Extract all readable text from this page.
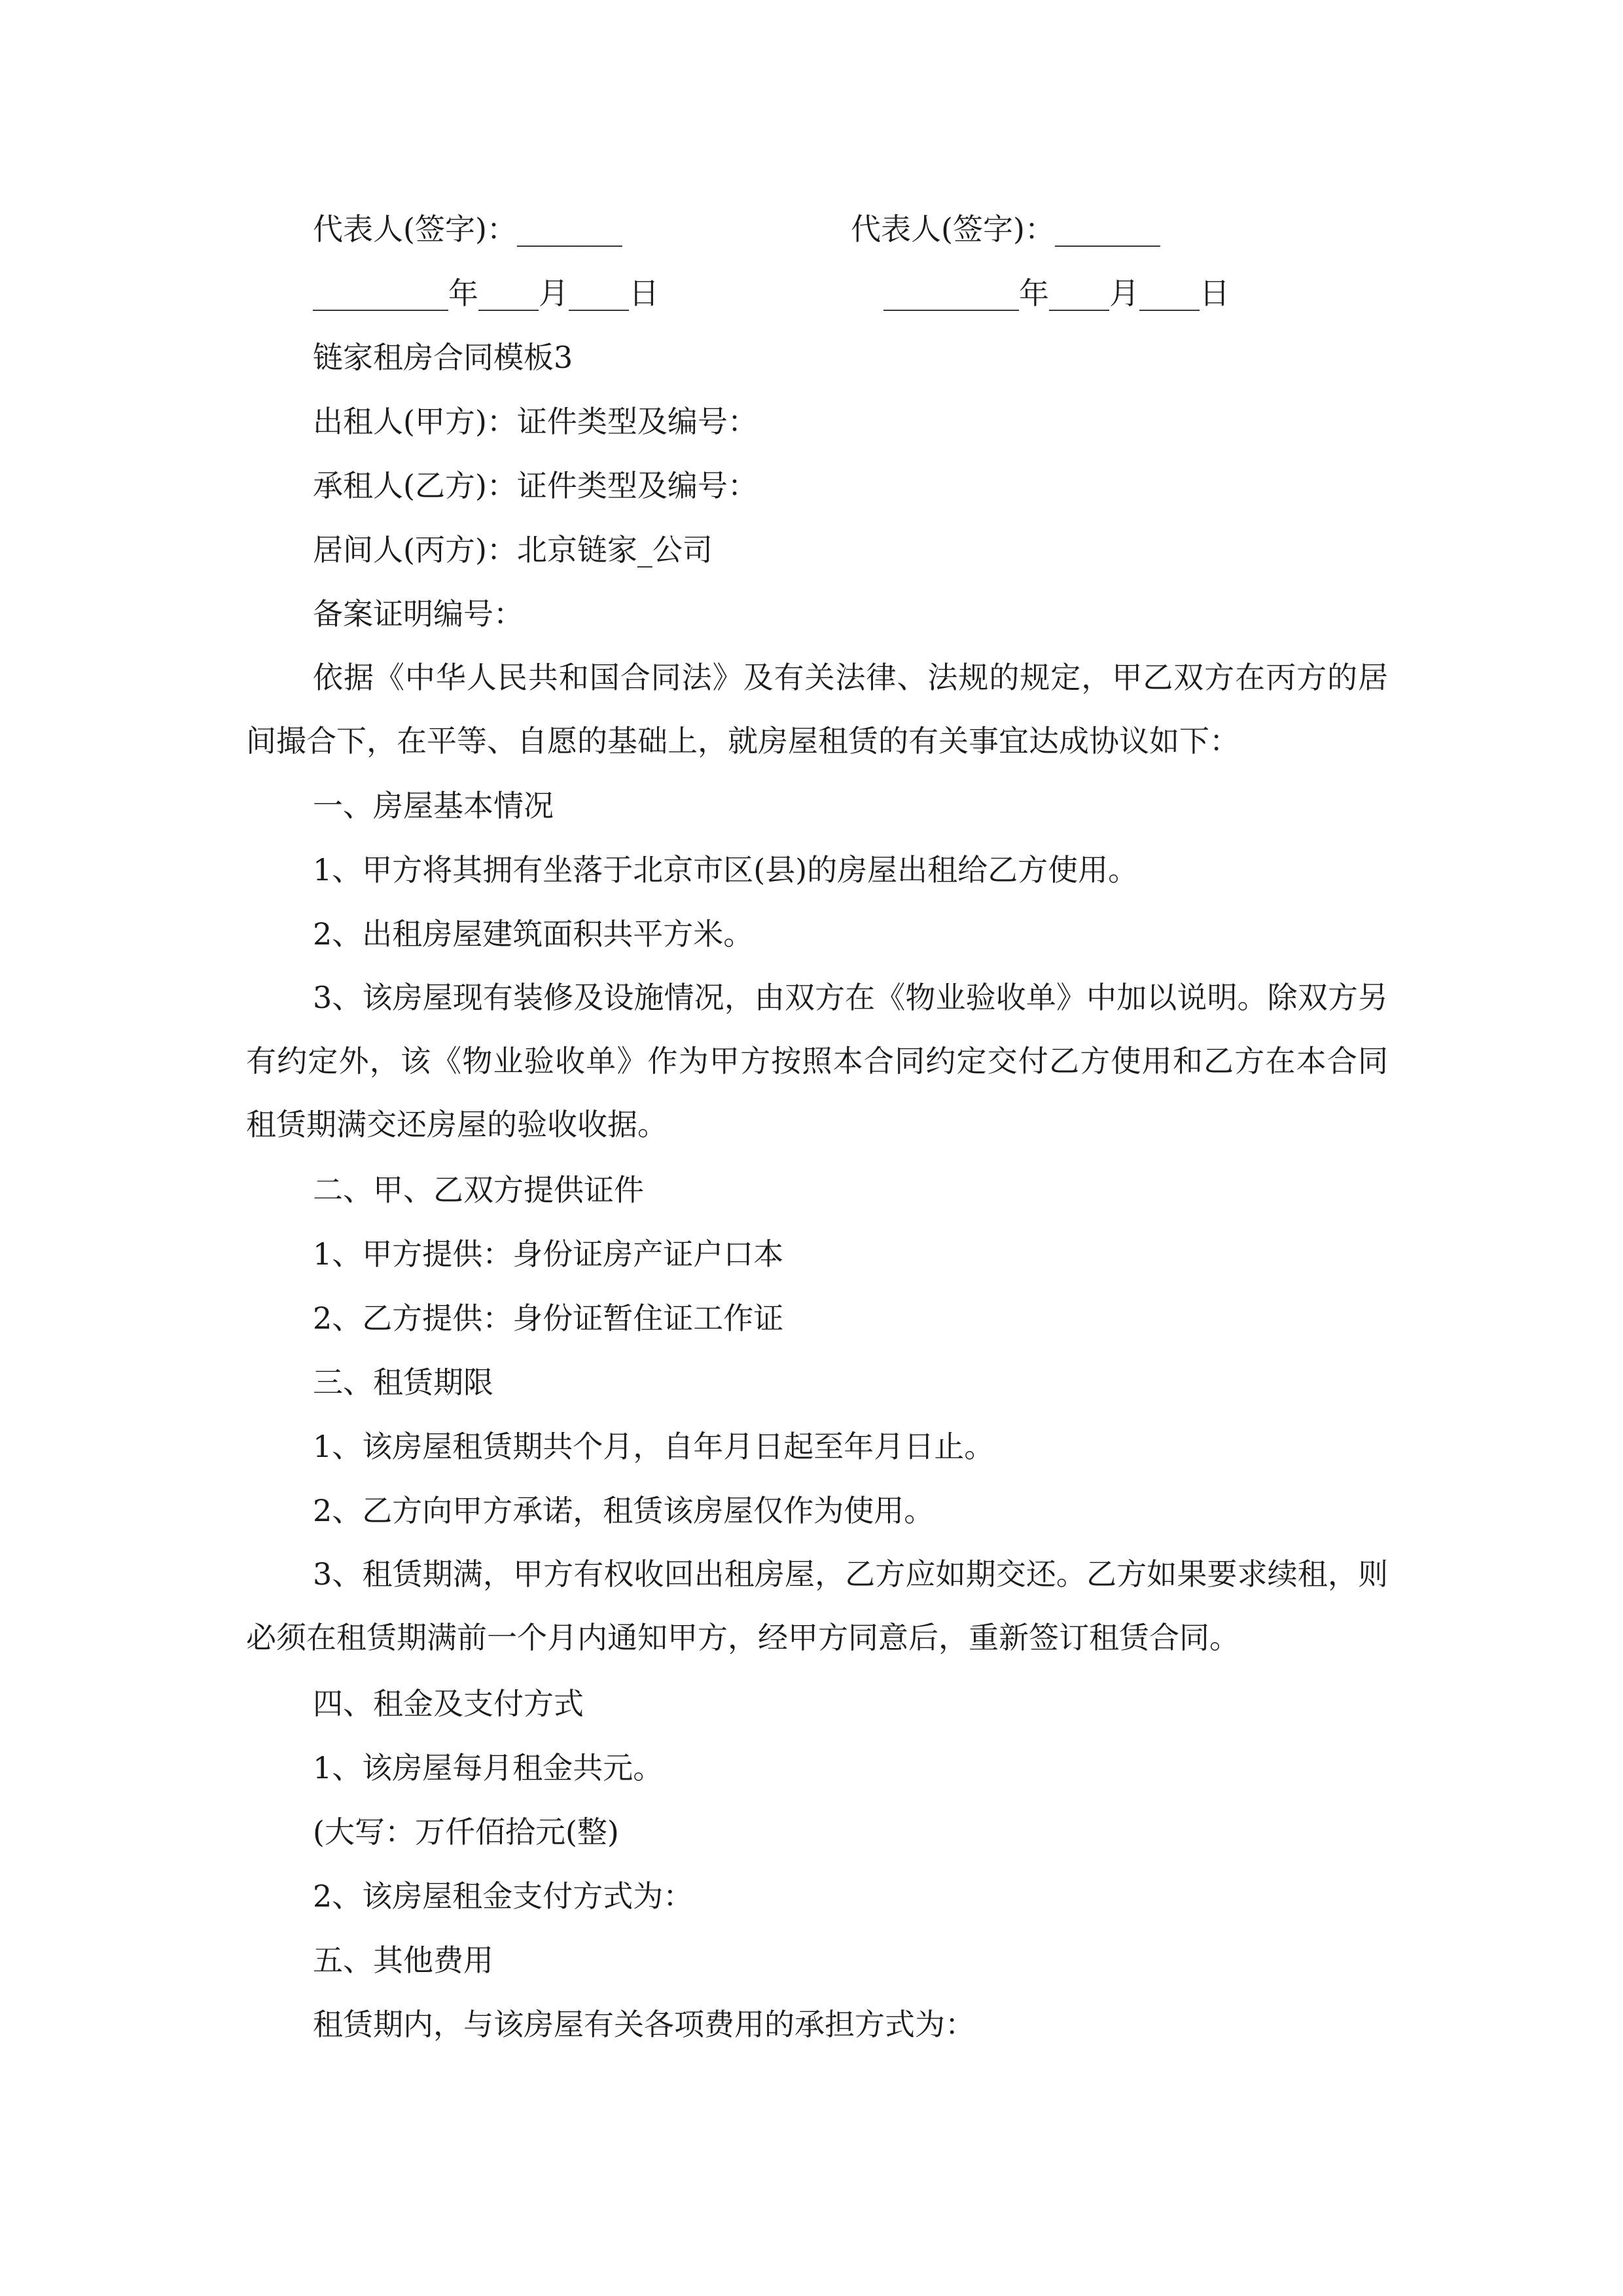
代表人(签字)：_______	代表人(签字)：_______
_________年____月____日	_________年____月____日
链家租房合同模板3
出租人(甲方)：证件类型及编号：
承租人(乙方)：证件类型及编号：
居间人(丙方)：北京链家_公司
备案证明编号：
依据《中华人民共和国合同法》及有关法律、法规的规定，甲乙双方在丙方的居间撮合下，在平等、自愿的基础上，就房屋租赁的有关事宜达成协议如下：
一、房屋基本情况
1、甲方将其拥有坐落于北京市区(县)的房屋出租给乙方使用。
2、出租房屋建筑面积共平方米。
3、该房屋现有装修及设施情况，由双方在《物业验收单》中加以说明。除双方另有约定外，该《物业验收单》作为甲方按照本合同约定交付乙方使用和乙方在本合同租赁期满交还房屋的验收收据。
二、甲、乙双方提供证件
1、甲方提供：身份证房产证户口本
2、乙方提供：身份证暂住证工作证
三、租赁期限
1、该房屋租赁期共个月，自年月日起至年月日止。
2、乙方向甲方承诺，租赁该房屋仅作为使用。
3、租赁期满，甲方有权收回出租房屋，乙方应如期交还。乙方如果要求续租，则必须在租赁期满前一个月内通知甲方，经甲方同意后，重新签订租赁合同。
四、租金及支付方式
1、该房屋每月租金共元。
(大写：万仟佰拾元(整)
2、该房屋租金支付方式为：
五、其他费用
租赁期内，与该房屋有关各项费用的承担方式为：
